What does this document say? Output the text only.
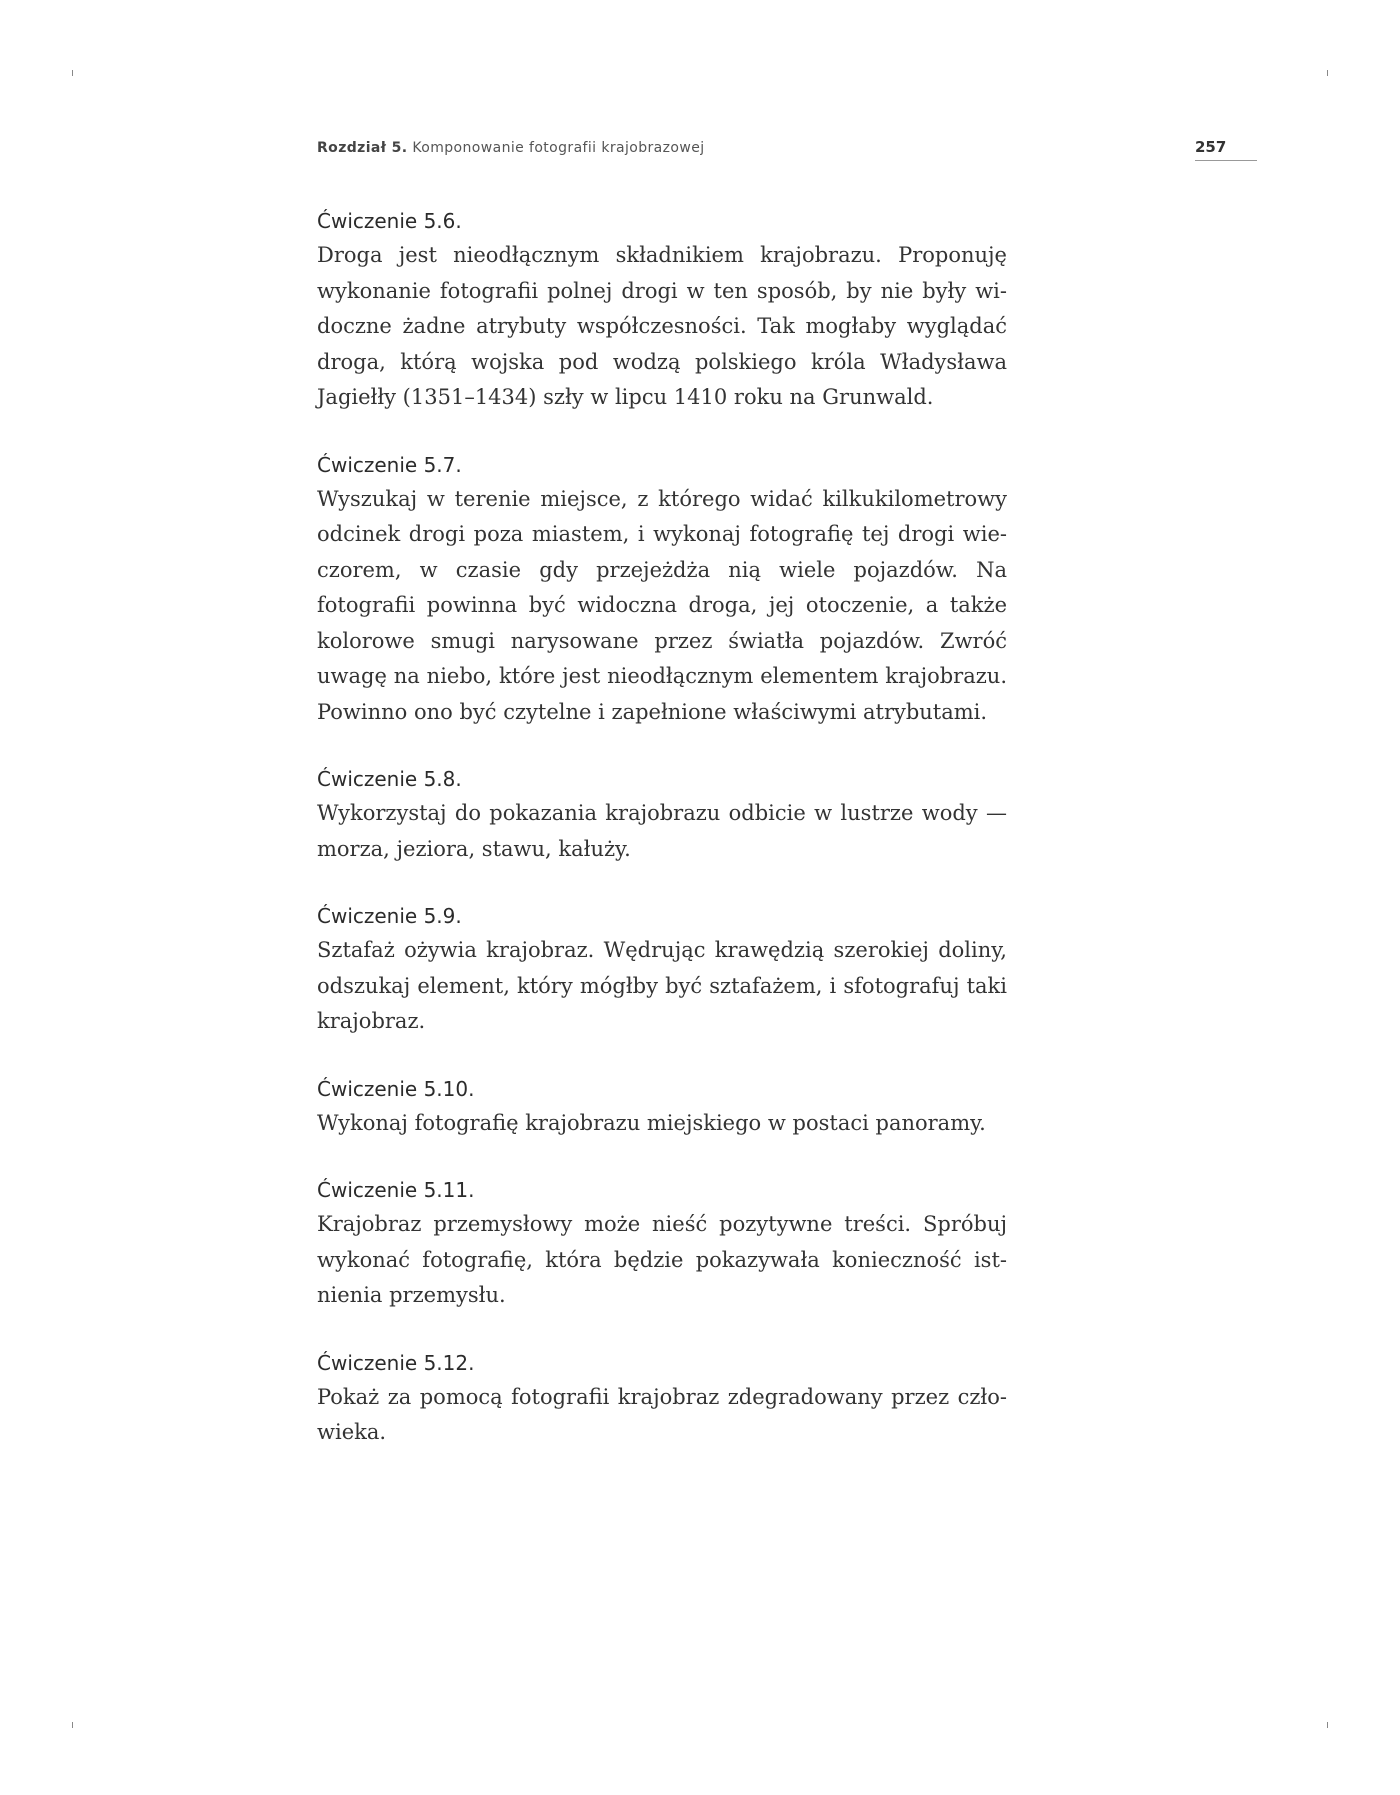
Rozdział 5. Komponowanie fotografii krajobrazowej	257
Ćwiczenie 5.6.

Droga jest nieodłącznym składnikiem krajobrazu. Proponuję wykonanie fotografii polnej drogi w ten sposób, by nie były widoczne żadne atrybuty współczesności. Tak mogłaby wyglądać droga, którą wojska pod wodzą polskiego króla Władysława Jagiełły (1351–1434) szły w lipcu 1410 roku na Grunwald.

Ćwiczenie 5.7.

Wyszukaj w terenie miejsce, z którego widać kilkukilometrowy odcinek drogi poza miastem, i wykonaj fotografię tej drogi wieczorem, w czasie gdy przejeżdża nią wiele pojazdów. Na fotografii powinna być widoczna droga, jej otoczenie, a także kolorowe smugi narysowane przez światła pojazdów. Zwróć uwagę na niebo, które jest nieodłącznym elementem krajobrazu. Powinno ono być czytelne i zapełnione właściwymi atrybutami.

Ćwiczenie 5.8.

Wykorzystaj do pokazania krajobrazu odbicie w lustrze wody — morza, jeziora, stawu, kałuży.

Ćwiczenie 5.9.

Sztafaż ożywia krajobraz. Wędrując krawędzią szerokiej doliny, odszukaj element, który mógłby być sztafażem, i sfotografuj taki krajobraz.

Ćwiczenie 5.10.

Wykonaj fotografię krajobrazu miejskiego w postaci panoramy.

Ćwiczenie 5.11.

Krajobraz przemysłowy może nieść pozytywne treści. Spróbuj wykonać fotografię, która będzie pokazywała konieczność istnienia przemysłu.

Ćwiczenie 5.12.

Pokaż za pomocą fotografii krajobraz zdegradowany przez człowieka.
